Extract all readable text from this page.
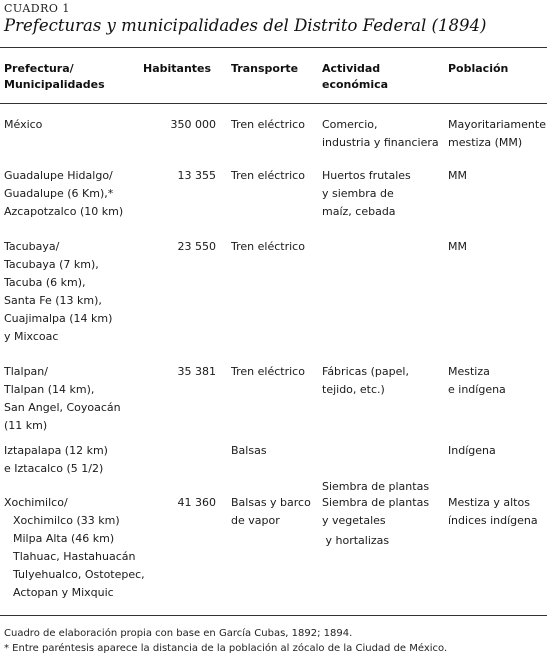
CUADRO 1
Prefecturas y municipalidades del Distrito Federal (1894)
Prefectura/
Municipalidades
Habitantes Transporte Actividad
económica
Población
México	350 000 Tren eléctrico Comercio,
industria y financiera
Mayoritariamente
mestiza (MM)
Guadalupe Hidalgo/
Guadalupe (6 Km),*
Azcapotzalco (10 km)
13 355 Tren eléctrico Huertos frutales
y siembra de
maíz, cebada
MM
Tacubaya/
Tacubaya (7 km),
Tacuba (6 km),
Santa Fe (13 km),
Cuajimalpa (14 km)
y Mixcoac
23 550 Tren eléctrico	MM
Tlalpan/
Tlalpan (14 km),
San Angel, Coyoacán
(11 km)
35 381 Tren eléctrico Fábricas (papel,
tejido, etc.)
Mestiza
e indígena
Iztapalapa (12 km)
e Iztacalco (5 1/2)
Balsas

Siembra de plantas

y hortalizas

Indígena
Xochimilco/
Xochimilco (33 km)
Milpa Alta (46 km)
Tlahuac, Hastahuacán
Tulyehualco, Ostotepec,
Actopan y Mixquic
41 360 Balsas y barco
de vapor
Siembra de plantas
y vegetales
Mestiza y altos
índices indígena
Cuadro de elaboración propia con base en García Cubas, 1892; 1894.
* Entre paréntesis aparece la distancia de la población al zócalo de la Ciudad de México.
